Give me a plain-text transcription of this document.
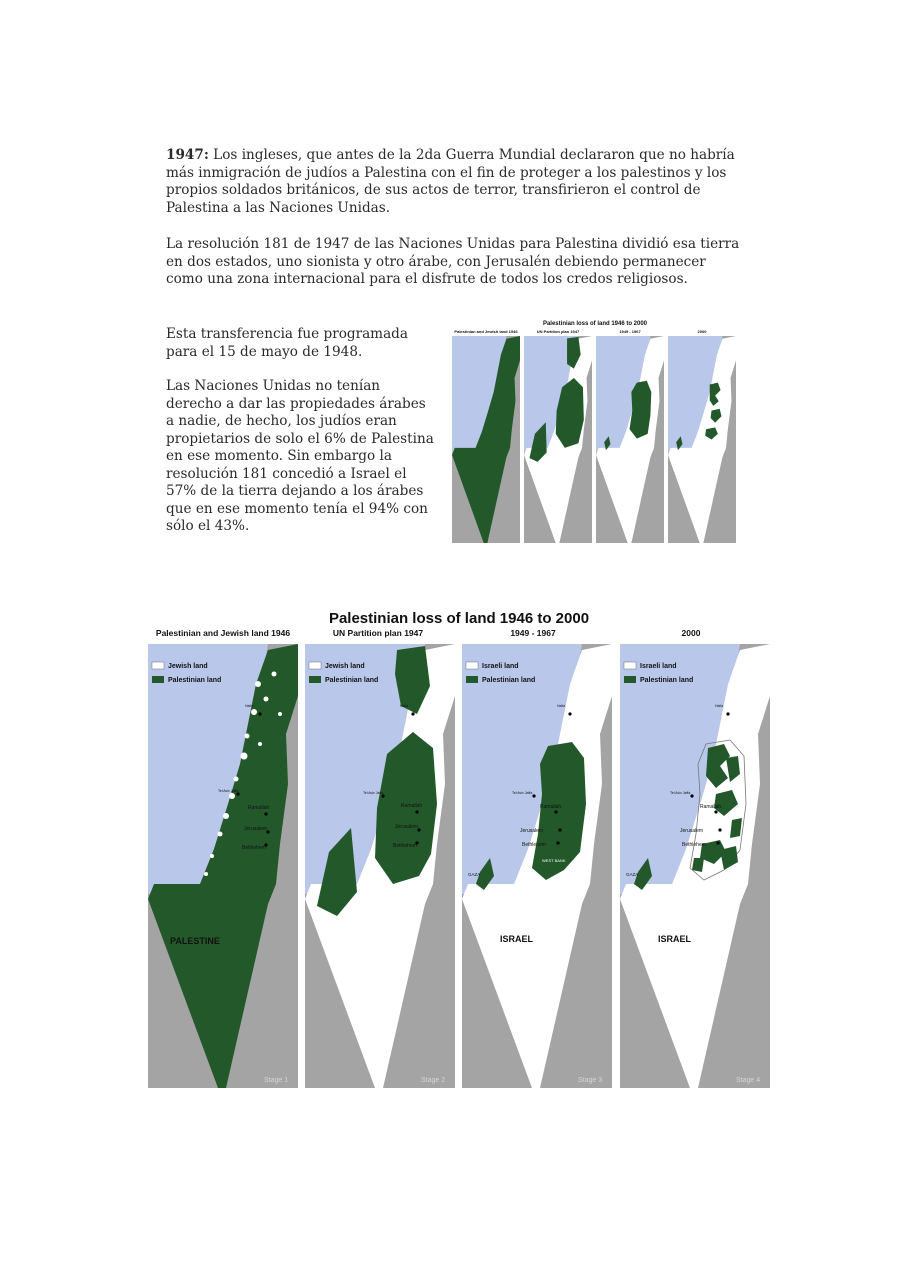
1947: Los ingleses, que antes de la 2da Guerra Mundial declararon que no habría más inmigración de judíos a Palestina con el fin de proteger a los palestinos y los propios soldados británicos, de sus actos de terror, transfirieron el control de Palestina a las Naciones Unidas.

La resolución 181 de 1947 de las Naciones Unidas para Palestina dividió esa tierra en dos estados, uno sionista y otro árabe, con Jerusalén debiendo permanecer como una zona internacional para el disfrute de todos los credos religiosos.

Esta transferencia fue programada para el 15 de mayo de 1948.

Las Naciones Unidas no tenían derecho a dar las propiedades árabes a nadie, de hecho, los judíos eran propietarios de solo el 6% de Palestina en ese momento. Sin embargo la resolución 181 concedió a Israel el 57% de la tierra dejando a los árabes que en ese momento tenía el 94% con sólo el 43%.

Palestinian loss of land 1946 to 2000
Palestinian and Jewish land 1946	UN Partition plan 1947	1949 - 1967	2000
Palestinian loss of land 1946 to 2000
Palestinian and Jewish land 1946
Jewish land
Palestinian land
Haifa
Tel Aviv Jaffa
Ramallah
Jerusalem
Bethlehem
PALESTINE
Stage 1
UN Partition plan 1947
Jewish land
Palestinian land
Haifa
Tel Aviv Jaffa
Ramallah
Jerusalem
Bethlehem
Stage 2
1949 - 1967
Israeli land
Palestinian land
Haifa
Tel Aviv Jaffa
Ramallah
Jerusalem
Bethlehem
WEST BANK
GAZA
ISRAEL
Stage 3
2000
Israeli land
Palestinian land
Haifa
Tel Aviv Jaffa
Ramallah
Jerusalem
Bethlehem
GAZA
ISRAEL
Stage 4
